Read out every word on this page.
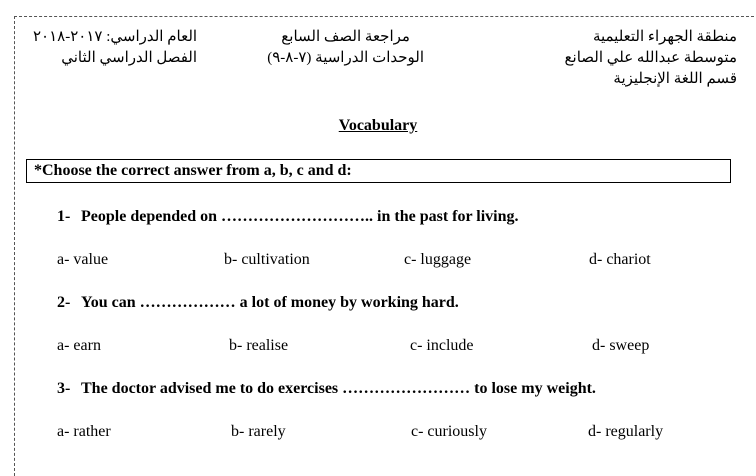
منطقة الجهراء التعليمية
متوسطة عبدالله علي الصانع
قسم اللغة الإنجليزية
مراجعة الصف السابع
الوحدات الدراسية (٧-٨-٩)
العام الدراسي: ٢٠١٧-٢٠١٨
الفصل الدراسي الثاني
Vocabulary
*Choose the correct answer from a, b, c and d:
1- People depended on ……………………….. in the past for living.
a- value	b- cultivation	c- luggage	d- chariot
2- You can ……………… a lot of money by working hard.
a- earn	b- realise	c- include	d- sweep
3- The doctor advised me to do exercises …………………… to lose my weight.
a- rather	b- rarely	c- curiously	d- regularly
